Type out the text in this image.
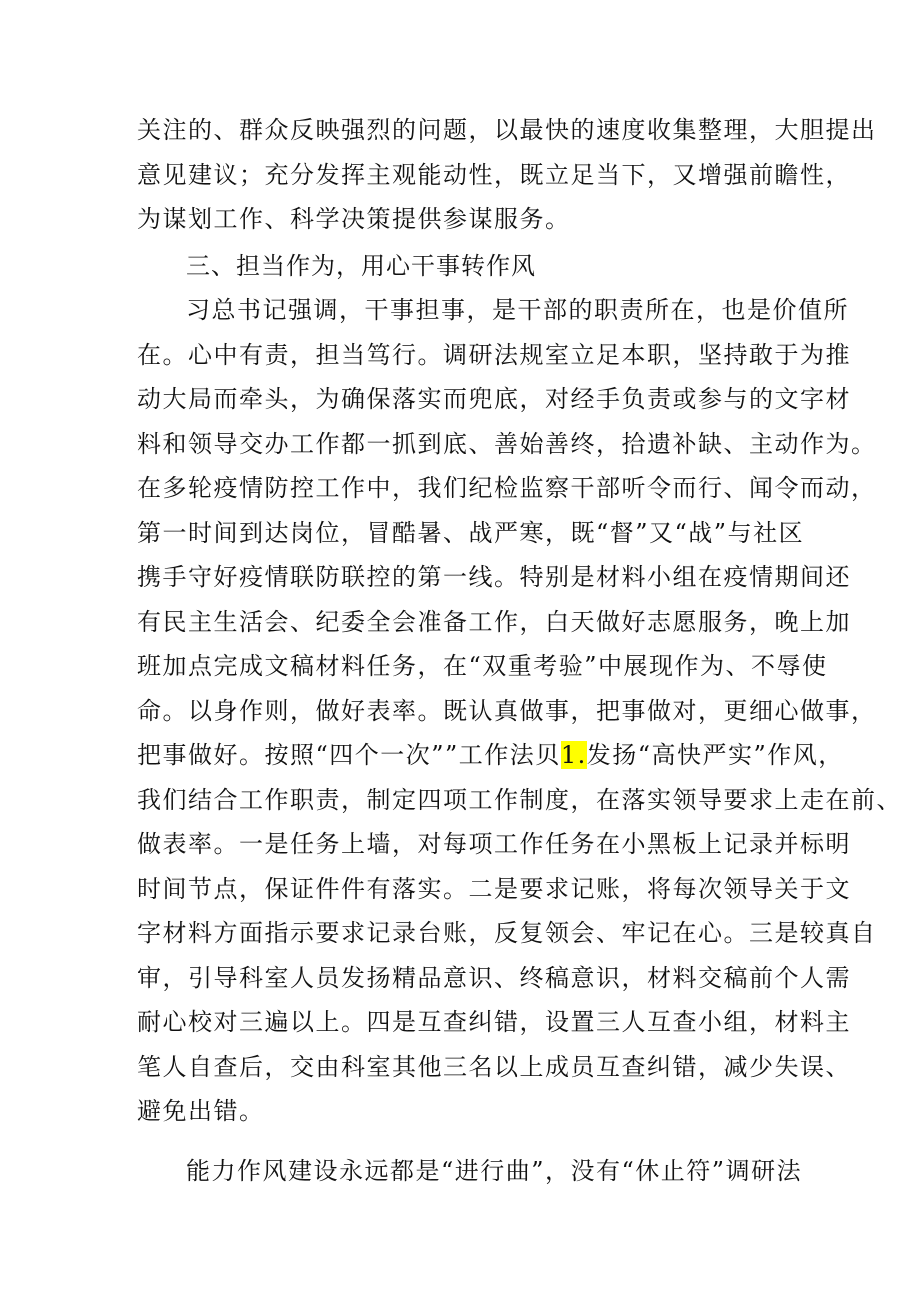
关注的、群众反映强烈的问题，以最快的速度收集整理，大胆提出
意见建议；充分发挥主观能动性，既立足当下，又增强前瞻性，
为谋划工作、科学决策提供参谋服务。
三、担当作为，用心干事转作风
习总书记强调，干事担事，是干部的职责所在，也是价值所
在。心中有责，担当笃行。调研法规室立足本职，坚持敢于为推
动大局而牵头，为确保落实而兜底，对经手负责或参与的文字材
料和领导交办工作都一抓到底、善始善终，拾遗补缺、主动作为。
在多轮疫情防控工作中，我们纪检监察干部听令而行、闻令而动，
第一时间到达岗位，冒酷暑、战严寒，既“督”又“战”与社区
携手守好疫情联防联控的第一线。特别是材料小组在疫情期间还
有民主生活会、纪委全会准备工作，白天做好志愿服务，晚上加
班加点完成文稿材料任务，在“双重考验”中展现作为、不辱使
命。以身作则，做好表率。既认真做事，把事做对，更细心做事，
把事做好。按照“四个一次””工作法贝1.发扬“高快严实”作风，
我们结合工作职责，制定四项工作制度，在落实领导要求上走在前、
做表率。一是任务上墙，对每项工作任务在小黑板上记录并标明
时间节点，保证件件有落实。二是要求记账，将每次领导关于文
字材料方面指示要求记录台账，反复领会、牢记在心。三是较真自
审，引导科室人员发扬精品意识、终稿意识，材料交稿前个人需
耐心校对三遍以上。四是互查纠错，设置三人互查小组，材料主
笔人自查后，交由科室其他三名以上成员互查纠错，减少失误、
避免出错。
能力作风建设永远都是“进行曲”，没有“休止符”调研法
